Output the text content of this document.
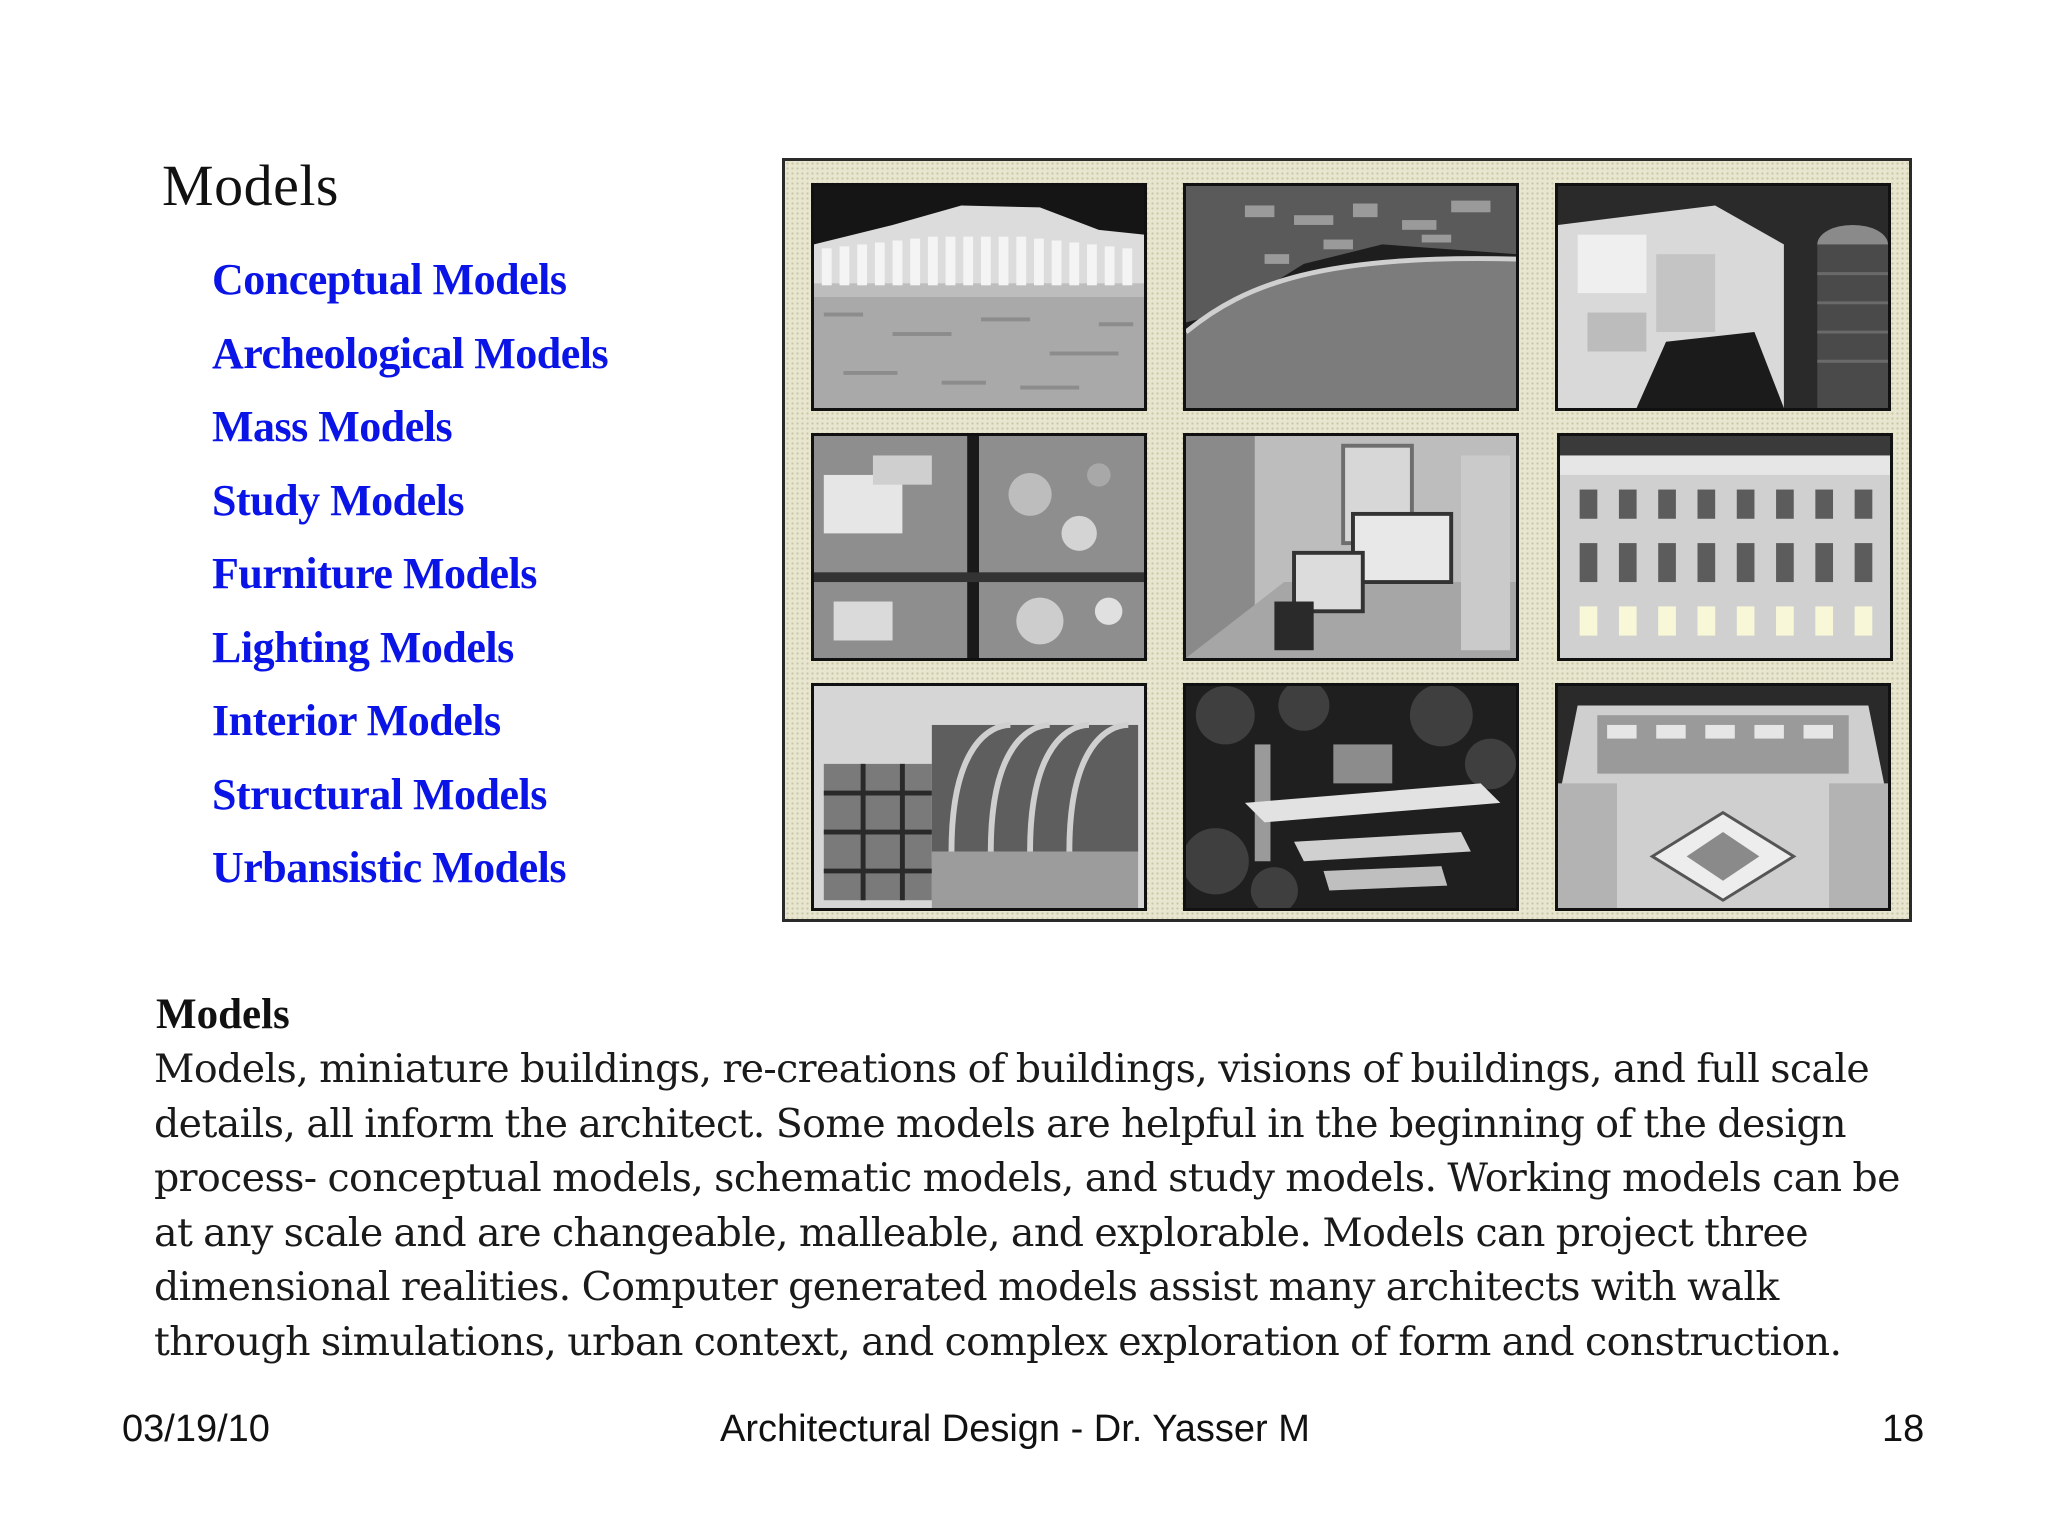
Models
Conceptual Models
Archeological Models
Mass Models
Study Models
Furniture Models
Lighting Models
Interior Models
Structural Models
Urbansistic Models
Models

Models, miniature buildings, re-creations of buildings, visions of buildings, and full scale details, all inform the architect. Some models are helpful in the beginning of the design process- conceptual models, schematic models, and study models. Working models can be at any scale and are changeable, malleable, and explorable. Models can project three dimensional realities. Computer generated models assist many architects with walk through simulations, urban context, and complex exploration of form and construction.

03/19/10	Architectural Design - Dr. Yasser M	18
